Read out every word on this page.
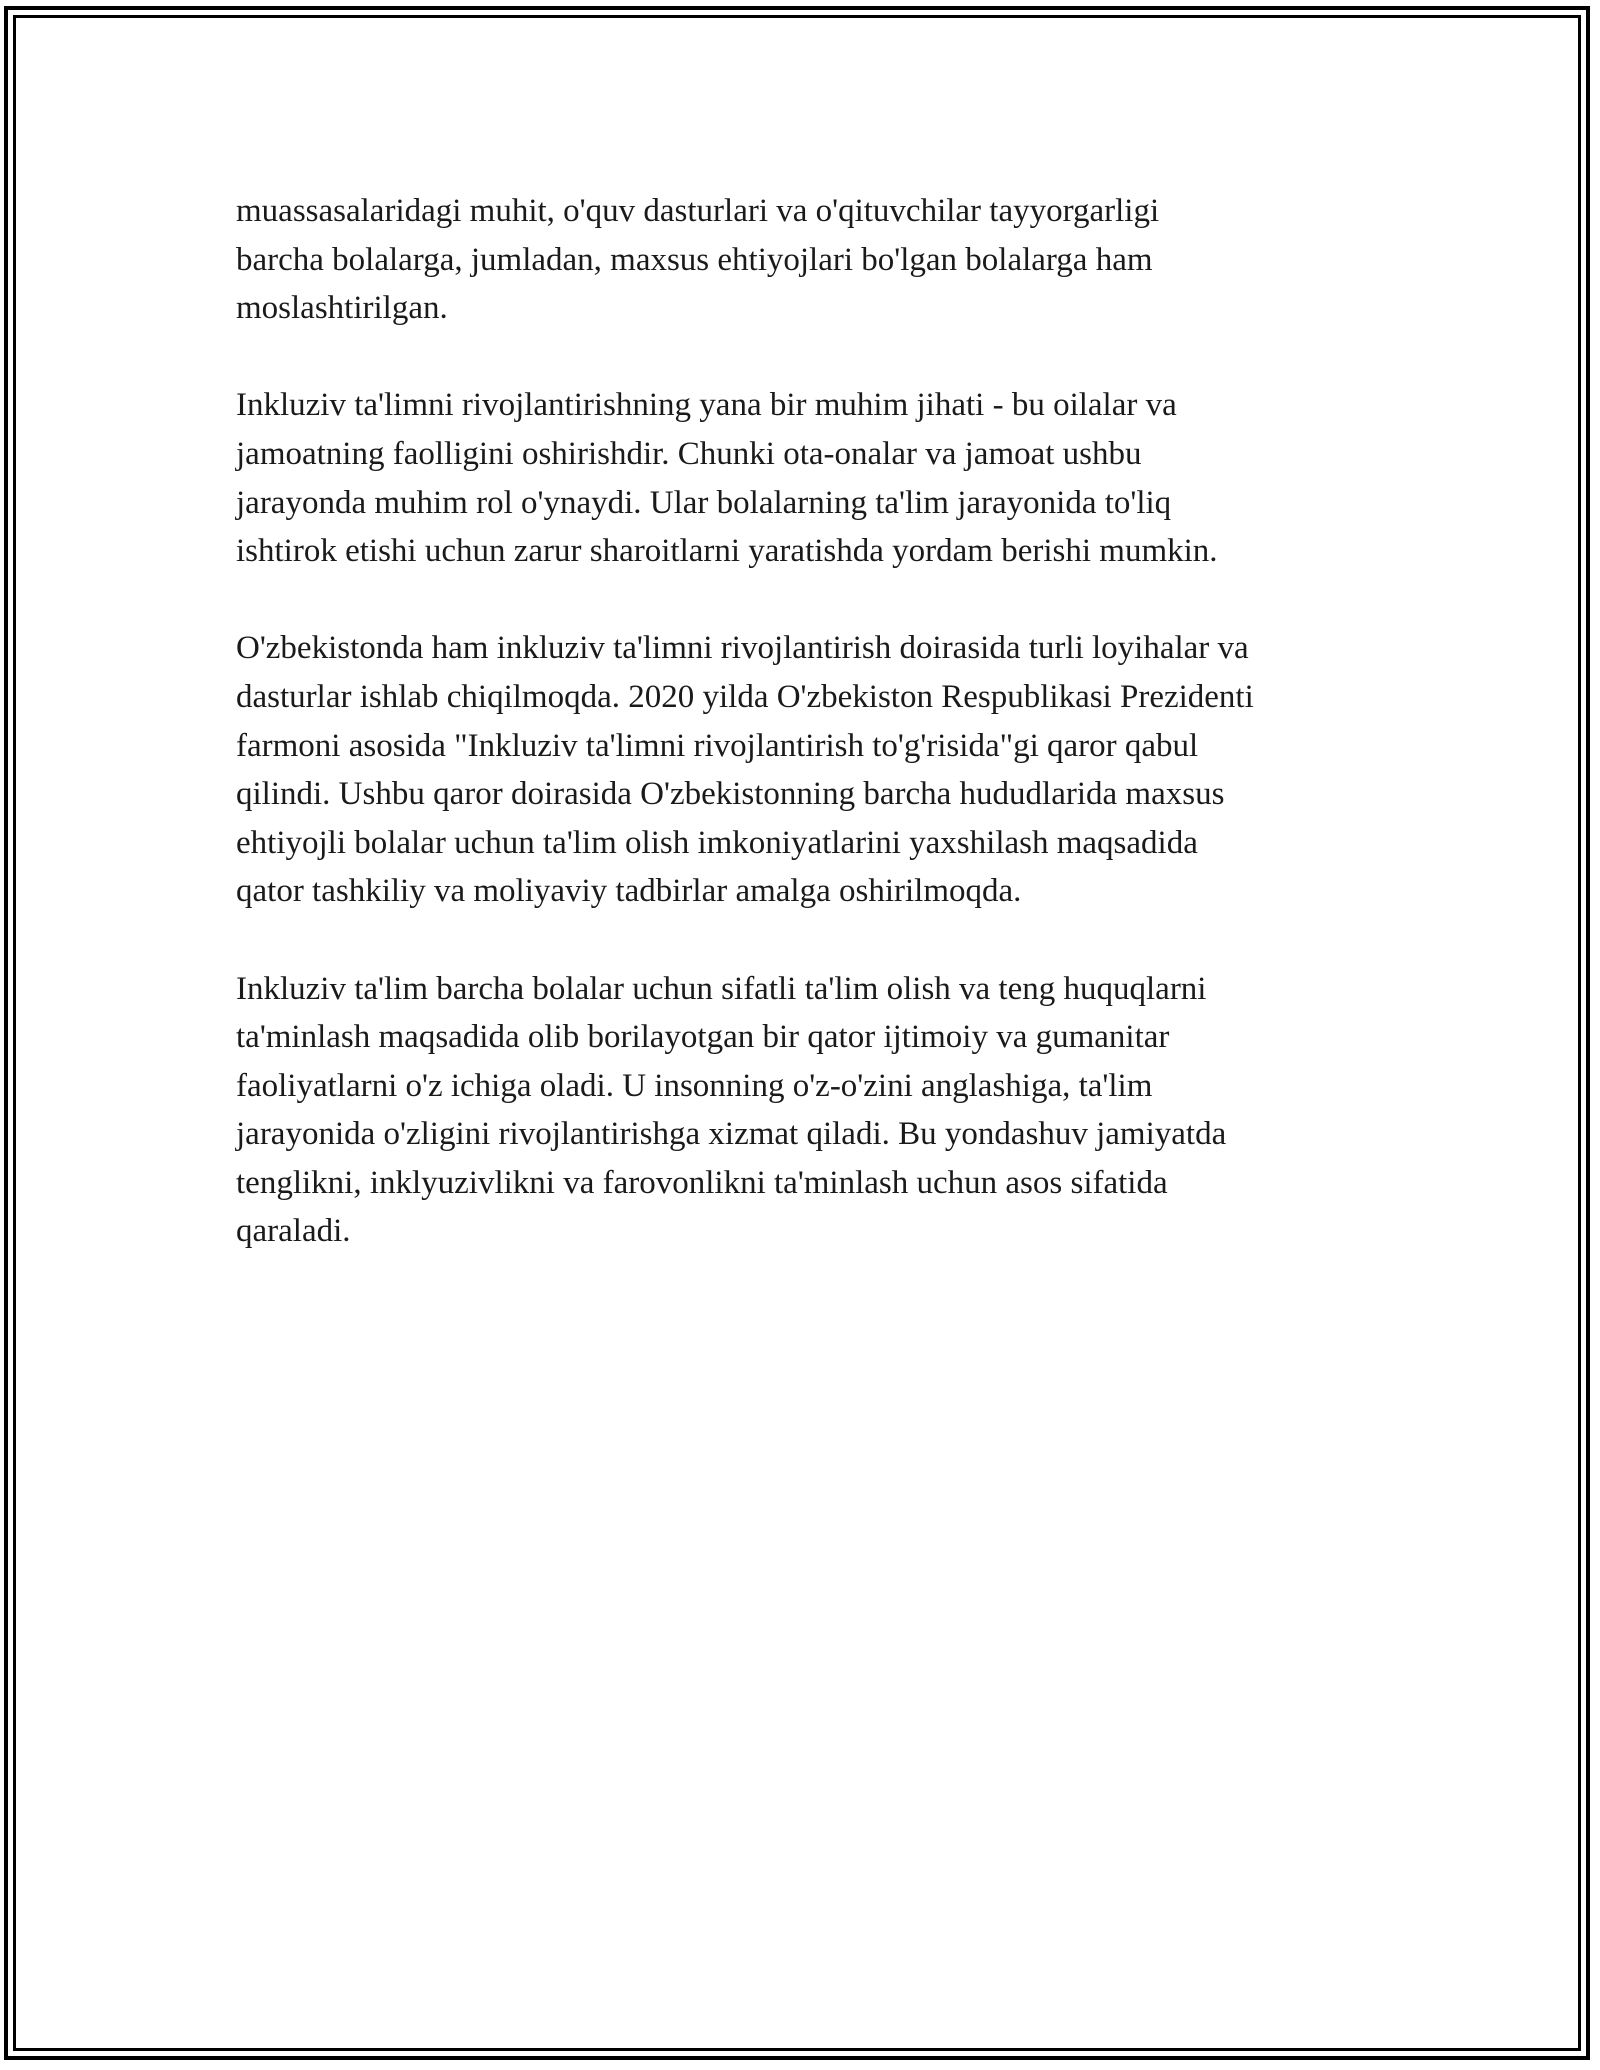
muassasalaridagi muhit, o'quv dasturlari va o'qituvchilar tayyorgarligi

barcha bolalarga, jumladan, maxsus ehtiyojlari bo'lgan bolalarga ham

moslashtirilgan.

Inkluziv ta'limni rivojlantirishning yana bir muhim jihati - bu oilalar va

jamoatning faolligini oshirishdir. Chunki ota-onalar va jamoat ushbu

jarayonda muhim rol o'ynaydi. Ular bolalarning ta'lim jarayonida to'liq

ishtirok etishi uchun zarur sharoitlarni yaratishda yordam berishi mumkin.

O'zbekistonda ham inkluziv ta'limni rivojlantirish doirasida turli loyihalar va

dasturlar ishlab chiqilmoqda. 2020 yilda O'zbekiston Respublikasi Prezidenti

farmoni asosida "Inkluziv ta'limni rivojlantirish to'g'risida"gi qaror qabul

qilindi. Ushbu qaror doirasida O'zbekistonning barcha hududlarida maxsus

ehtiyojli bolalar uchun ta'lim olish imkoniyatlarini yaxshilash maqsadida

qator tashkiliy va moliyaviy tadbirlar amalga oshirilmoqda.

Inkluziv ta'lim barcha bolalar uchun sifatli ta'lim olish va teng huquqlarni

ta'minlash maqsadida olib borilayotgan bir qator ijtimoiy va gumanitar

faoliyatlarni o'z ichiga oladi. U insonning o'z-o'zini anglashiga, ta'lim

jarayonida o'zligini rivojlantirishga xizmat qiladi. Bu yondashuv jamiyatda

tenglikni, inklyuzivlikni va farovonlikni ta'minlash uchun asos sifatida

qaraladi.
